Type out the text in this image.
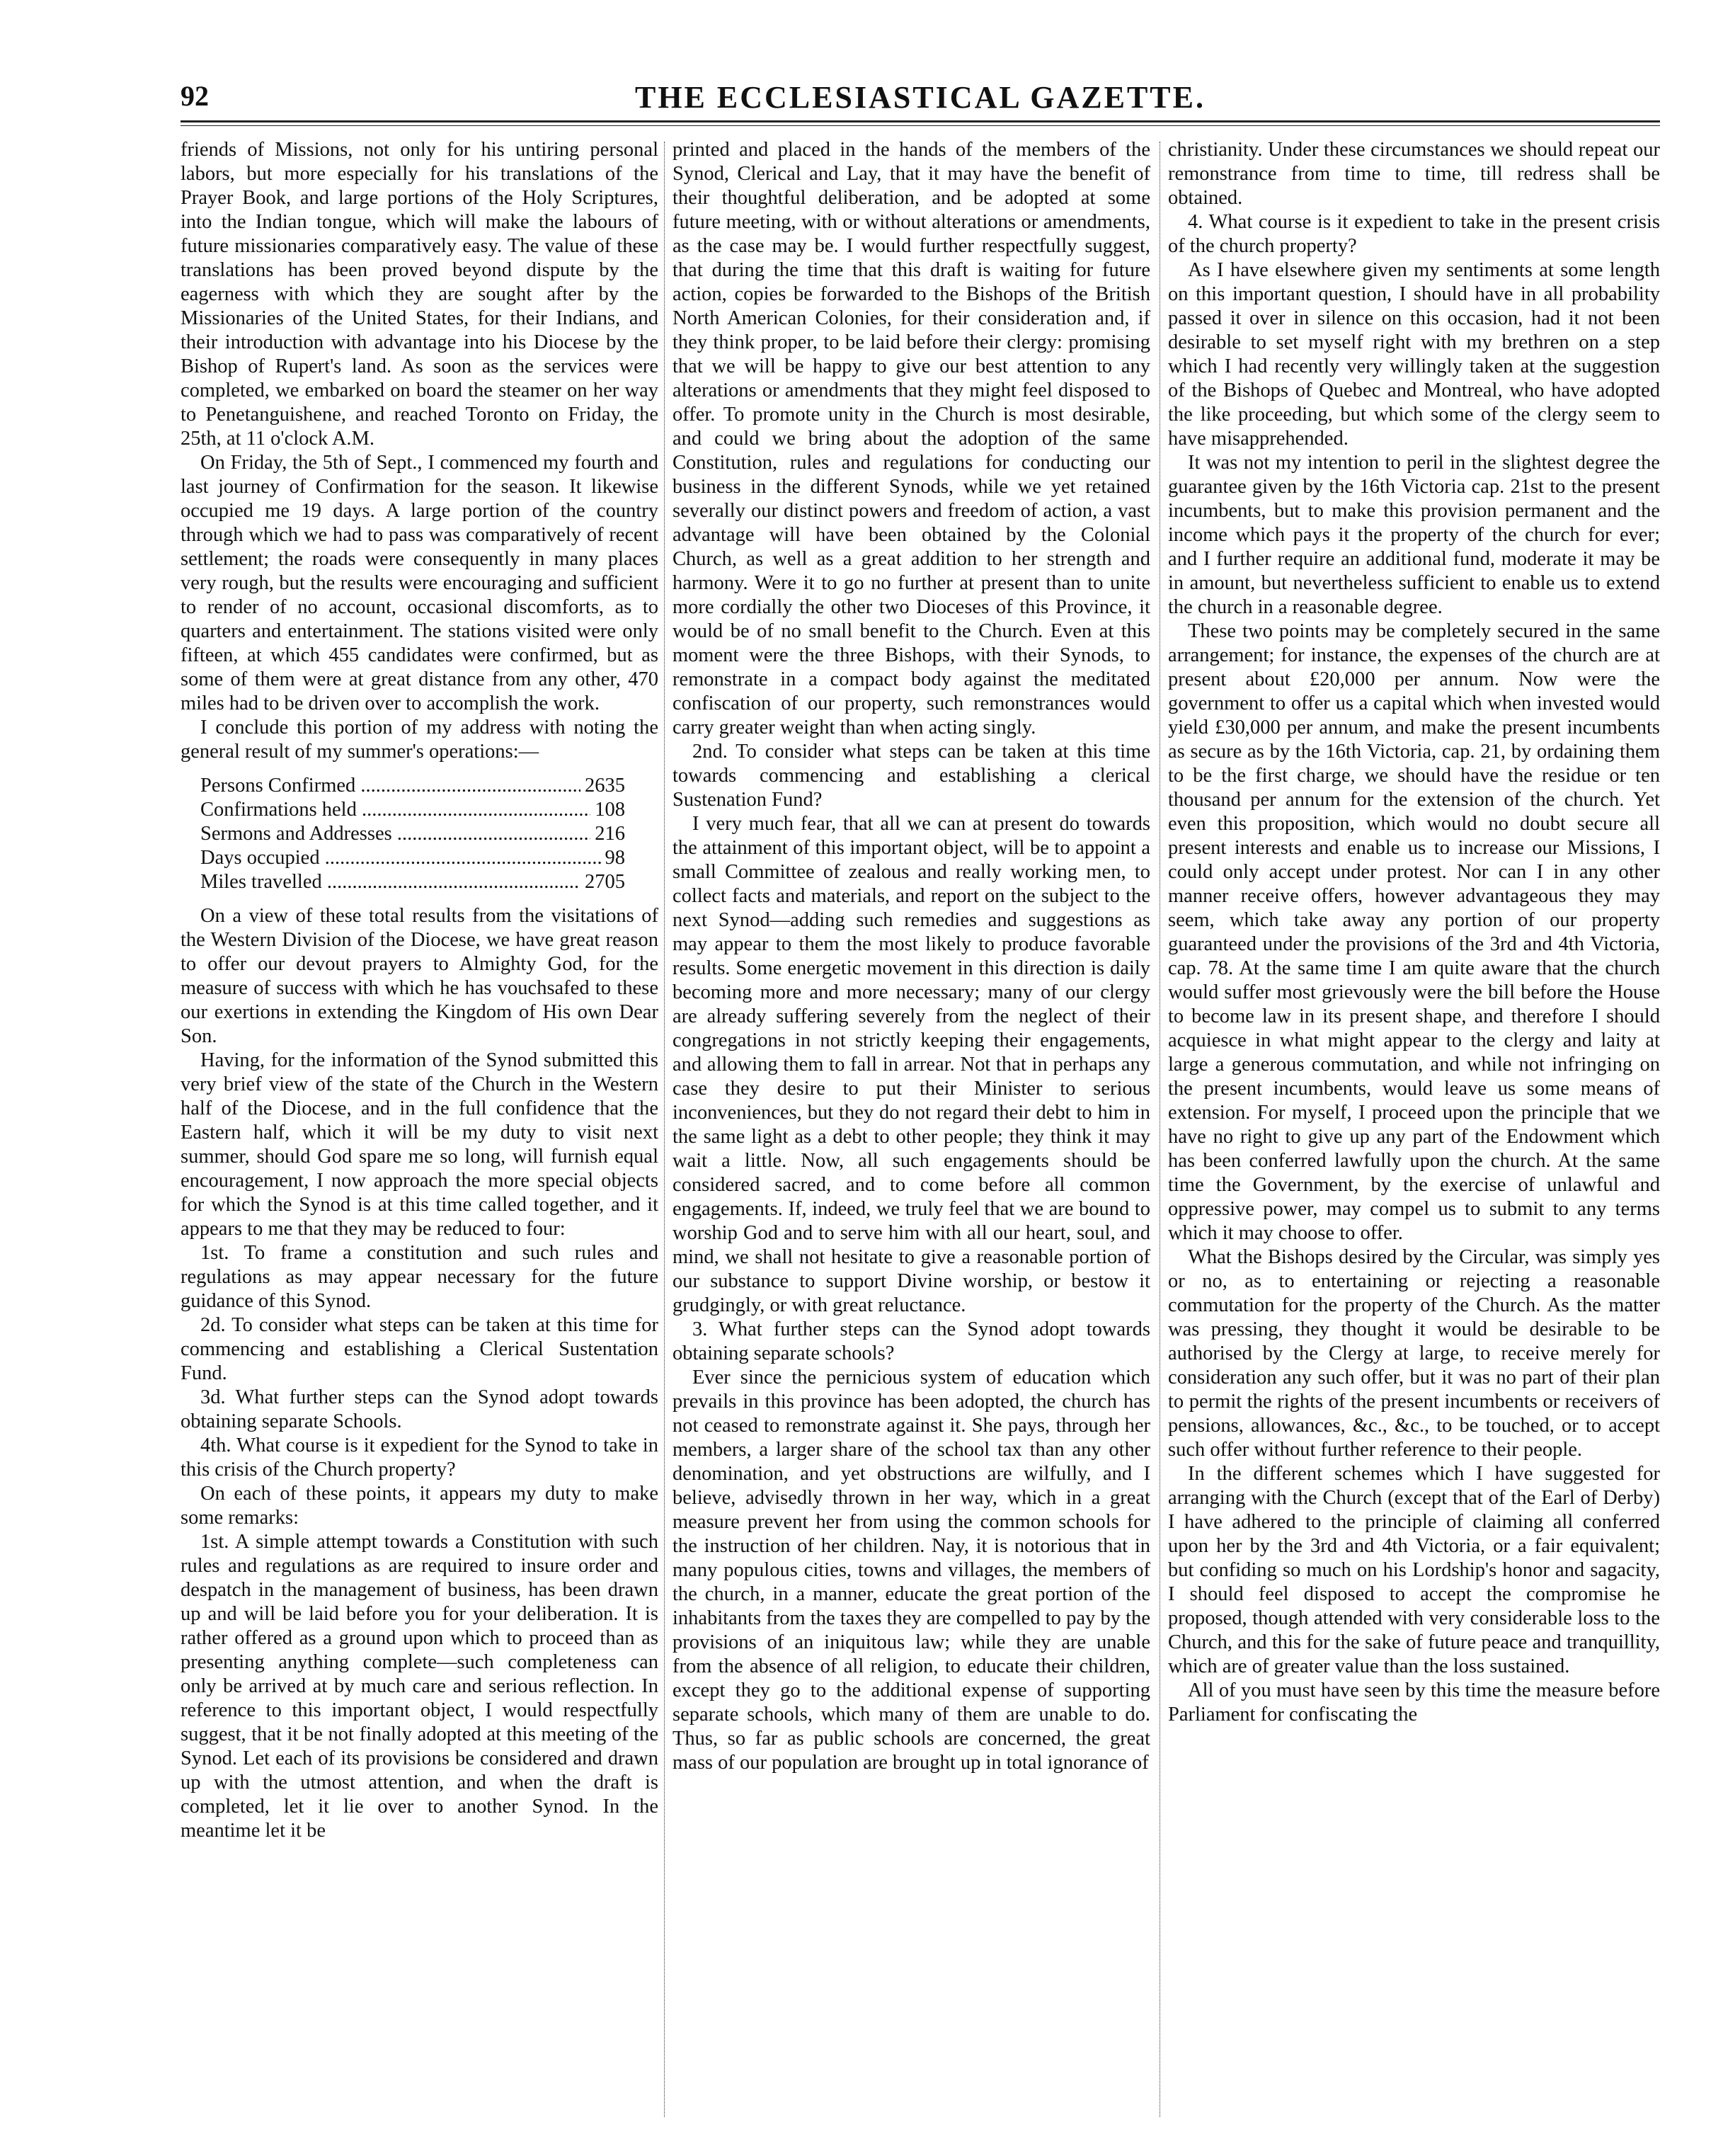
92	THE ECCLESIASTICAL GAZETTE.

friends of Missions, not only for his untiring personal labors, but more especially for his translations of the Prayer Book, and large portions of the Holy Scriptures, into the Indian tongue, which will make the labours of future missionaries comparatively easy. The value of these translations has been proved beyond dispute by the eagerness with which they are sought after by the Missionaries of the United States, for their Indians, and their introduction with advantage into his Diocese by the Bishop of Rupert's land. As soon as the services were completed, we embarked on board the steamer on her way to Penetanguishene, and reached Toronto on Friday, the 25th, at 11 o'clock A.M.

On Friday, the 5th of Sept., I commenced my fourth and last journey of Confirmation for the season. It likewise occupied me 19 days. A large portion of the country through which we had to pass was comparatively of recent settlement; the roads were consequently in many places very rough, but the results were encouraging and sufficient to render of no account, occasional discomforts, as to quarters and entertainment. The stations visited were only fifteen, at which 455 candidates were confirmed, but as some of them were at great distance from any other, 470 miles had to be driven over to accomplish the work.

I conclude this portion of my address with noting the general result of my summer's operations:—

Persons Confirmed .....	2635
Confirmations held .....	108
Sermons and Addresses .....	216
Days occupied .....	98
Miles travelled .....	2705

On a view of these total results from the visitations of the Western Division of the Diocese, we have great reason to offer our devout prayers to Almighty God, for the measure of success with which he has vouchsafed to these our exertions in extending the Kingdom of His own Dear Son.

Having, for the information of the Synod submitted this very brief view of the state of the Church in the Western half of the Diocese, and in the full confidence that the Eastern half, which it will be my duty to visit next summer, should God spare me so long, will furnish equal encouragement, I now approach the more special objects for which the Synod is at this time called together, and it appears to me that they may be reduced to four:

1st. To frame a constitution and such rules and regulations as may appear necessary for the future guidance of this Synod.

2d. To consider what steps can be taken at this time for commencing and establishing a Clerical Sustentation Fund.

3d. What further steps can the Synod adopt towards obtaining separate Schools.

4th. What course is it expedient for the Synod to take in this crisis of the Church property?

On each of these points, it appears my duty to make some remarks:

1st. A simple attempt towards a Constitution with such rules and regulations as are required to insure order and despatch in the management of business, has been drawn up and will be laid before you for your deliberation. It is rather offered as a ground upon which to proceed than as presenting anything complete—such completeness can only be arrived at by much care and serious reflection. In reference to this important object, I would respectfully suggest, that it be not finally adopted at this meeting of the Synod. Let each of its provisions be considered and drawn up with the utmost attention, and when the draft is completed, let it lie over to another Synod. In the meantime let it be

printed and placed in the hands of the members of the Synod, Clerical and Lay, that it may have the benefit of their thoughtful deliberation, and be adopted at some future meeting, with or without alterations or amendments, as the case may be. I would further respectfully suggest, that during the time that this draft is waiting for future action, copies be forwarded to the Bishops of the British North American Colonies, for their consideration and, if they think proper, to be laid before their clergy: promising that we will be happy to give our best attention to any alterations or amendments that they might feel disposed to offer. To promote unity in the Church is most desirable, and could we bring about the adoption of the same Constitution, rules and regulations for conducting our business in the different Synods, while we yet retained severally our distinct powers and freedom of action, a vast advantage will have been obtained by the Colonial Church, as well as a great addition to her strength and harmony. Were it to go no further at present than to unite more cordially the other two Dioceses of this Province, it would be of no small benefit to the Church. Even at this moment were the three Bishops, with their Synods, to remonstrate in a compact body against the meditated confiscation of our property, such remonstrances would carry greater weight than when acting singly.

2nd. To consider what steps can be taken at this time towards commencing and establishing a clerical Sustenation Fund?

I very much fear, that all we can at present do towards the attainment of this important object, will be to appoint a small Committee of zealous and really working men, to collect facts and materials, and report on the subject to the next Synod—adding such remedies and suggestions as may appear to them the most likely to produce favorable results. Some energetic movement in this direction is daily becoming more and more necessary; many of our clergy are already suffering severely from the neglect of their congregations in not strictly keeping their engagements, and allowing them to fall in arrear. Not that in perhaps any case they desire to put their Minister to serious inconveniences, but they do not regard their debt to him in the same light as a debt to other people; they think it may wait a little. Now, all such engagements should be considered sacred, and to come before all common engagements. If, indeed, we truly feel that we are bound to worship God and to serve him with all our heart, soul, and mind, we shall not hesitate to give a reasonable portion of our substance to support Divine worship, or bestow it grudgingly, or with great reluctance.

3. What further steps can the Synod adopt towards obtaining separate schools?

Ever since the pernicious system of education which prevails in this province has been adopted, the church has not ceased to remonstrate against it. She pays, through her members, a larger share of the school tax than any other denomination, and yet obstructions are wilfully, and I believe, advisedly thrown in her way, which in a great measure prevent her from using the common schools for the instruction of her children. Nay, it is notorious that in many populous cities, towns and villages, the members of the church, in a manner, educate the great portion of the inhabitants from the taxes they are compelled to pay by the provisions of an iniquitous law; while they are unable from the absence of all religion, to educate their children, except they go to the additional expense of supporting separate schools, which many of them are unable to do. Thus, so far as public schools are concerned, the great mass of our population are brought up in total ignorance of

christianity. Under these circumstances we should repeat our remonstrance from time to time, till redress shall be obtained.

4. What course is it expedient to take in the present crisis of the church property?

As I have elsewhere given my sentiments at some length on this important question, I should have in all probability passed it over in silence on this occasion, had it not been desirable to set myself right with my brethren on a step which I had recently very willingly taken at the suggestion of the Bishops of Quebec and Montreal, who have adopted the like proceeding, but which some of the clergy seem to have misapprehended.

It was not my intention to peril in the slightest degree the guarantee given by the 16th Victoria cap. 21st to the present incumbents, but to make this provision permanent and the income which pays it the property of the church for ever; and I further require an additional fund, moderate it may be in amount, but nevertheless sufficient to enable us to extend the church in a reasonable degree.

These two points may be completely secured in the same arrangement; for instance, the expenses of the church are at present about £20,000 per annum. Now were the government to offer us a capital which when invested would yield £30,000 per annum, and make the present incumbents as secure as by the 16th Victoria, cap. 21, by ordaining them to be the first charge, we should have the residue or ten thousand per annum for the extension of the church. Yet even this proposition, which would no doubt secure all present interests and enable us to increase our Missions, I could only accept under protest. Nor can I in any other manner receive offers, however advantageous they may seem, which take away any portion of our property guaranteed under the provisions of the 3rd and 4th Victoria, cap. 78. At the same time I am quite aware that the church would suffer most grievously were the bill before the House to become law in its present shape, and therefore I should acquiesce in what might appear to the clergy and laity at large a generous commutation, and while not infringing on the present incumbents, would leave us some means of extension. For myself, I proceed upon the principle that we have no right to give up any part of the Endowment which has been conferred lawfully upon the church. At the same time the Government, by the exercise of unlawful and oppressive power, may compel us to submit to any terms which it may choose to offer.

What the Bishops desired by the Circular, was simply yes or no, as to entertaining or rejecting a reasonable commutation for the property of the Church. As the matter was pressing, they thought it would be desirable to be authorised by the Clergy at large, to receive merely for consideration any such offer, but it was no part of their plan to permit the rights of the present incumbents or receivers of pensions, allowances, &c., &c., to be touched, or to accept such offer without further reference to their people.

In the different schemes which I have suggested for arranging with the Church (except that of the Earl of Derby) I have adhered to the principle of claiming all conferred upon her by the 3rd and 4th Victoria, or a fair equivalent; but confiding so much on his Lordship's honor and sagacity, I should feel disposed to accept the compromise he proposed, though attended with very considerable loss to the Church, and this for the sake of future peace and tranquillity, which are of greater value than the loss sustained.

All of you must have seen by this time the measure before Parliament for confiscating the
